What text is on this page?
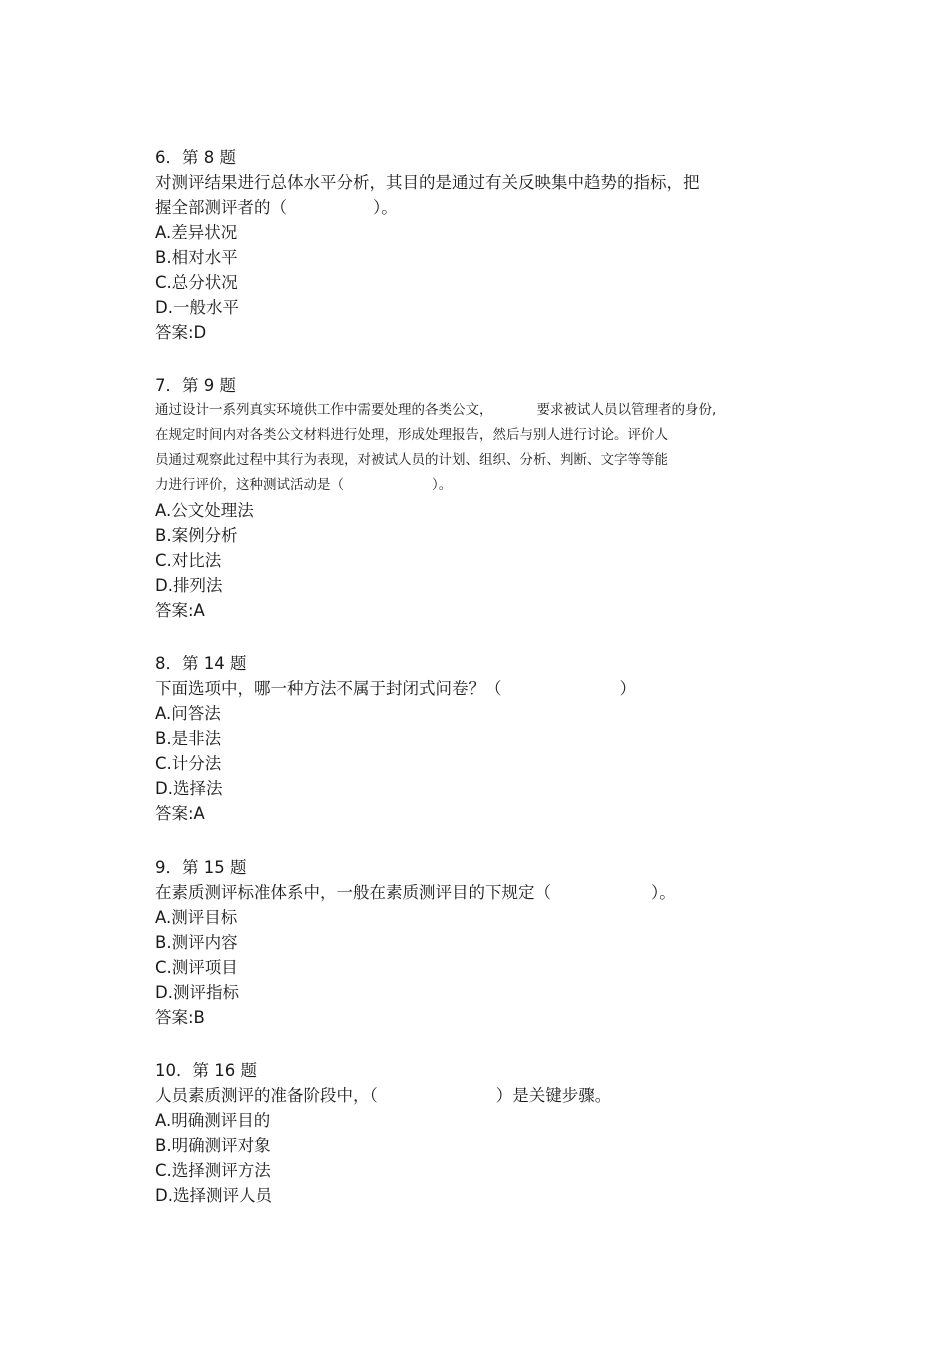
6．第 8 题
对测评结果进行总体水平分析，其目的是通过有关反映集中趋势的指标，把
握全部测评者的（	）。
A.差异状况
B.相对水平
C.总分状况
D.一般水平
答案:D
7．第 9 题
通过设计一系列真实环境供工作中需要处理的各类公文，	要求被试人员以管理者的身份,
在规定时间内对各类公文材料进行处理，形成处理报告，然后与别人进行讨论。评价人
员通过观察此过程中其行为表现，对被试人员的计划、组织、分析、判断、文字等等能
力进行评价，这种测试活动是（	）。
A.公文处理法
B.案例分析
C.对比法
D.排列法
答案:A
8．第 14 题
下面选项中，哪一种方法不属于封闭式问卷？（	）
A.问答法
B.是非法
C.计分法
D.选择法
答案:A
9．第 15 题
在素质测评标准体系中，一般在素质测评目的下规定（	）。
A.测评目标
B.测评内容
C.测评项目
D.测评指标
答案:B
10．第 16 题
人员素质测评的准备阶段中，（	）是关键步骤。
A.明确测评目的
B.明确测评对象
C.选择测评方法
D.选择测评人员
